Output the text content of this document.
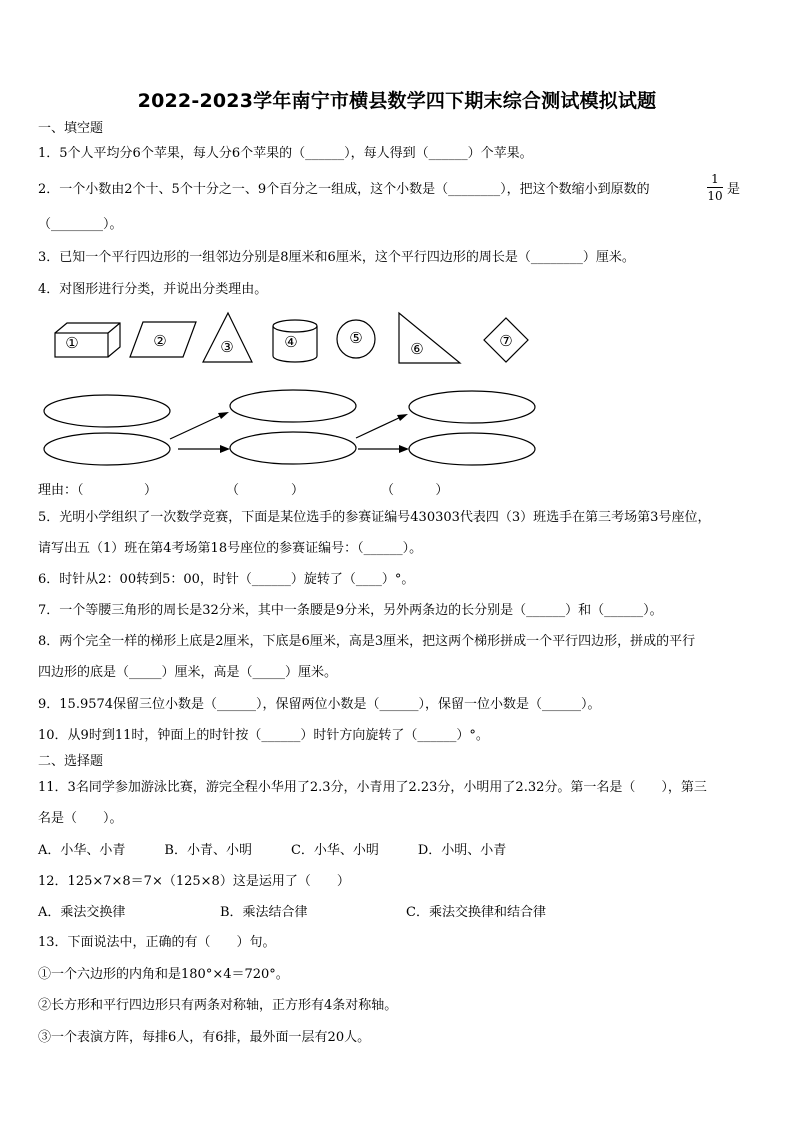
2022-2023学年南宁市横县数学四下期末综合测试模拟试题
一、填空题
1．5个人平均分6个苹果，每人分6个苹果的（______），每人得到（______）个苹果。
2．一个小数由2个十、5个十分之一、9个百分之一组成，这个小数是（________），把这个数缩小到原数的
1
10 是
（________）。
3．已知一个平行四边形的一组邻边分别是8厘米和6厘米，这个平行四边形的周长是（________）厘米。
4．对图形进行分类，并说出分类理由。
①	②	③	④	⑤
⑥	⑦
理由：（	）	（	）	（          ）
5．光明小学组织了一次数学竞赛，下面是某位选手的参赛证编号430303代表四（3）班选手在第三考场第3号座位，
请写出五（1）班在第4考场第18号座位的参赛证编号：（______）。
6．时针从2：00转到5：00，时针（______）旋转了（____）°。
7．一个等腰三角形的周长是32分米，其中一条腰是9分米，另外两条边的长分别是（______）和（______）。
8．两个完全一样的梯形上底是2厘米，下底是6厘米，高是3厘米，把这两个梯形拼成一个平行四边形，拼成的平行
四边形的底是（_____）厘米，高是（_____）厘米。
9．15.9574保留三位小数是（______），保留两位小数是（______），保留一位小数是（______）。
10．从9时到11时，钟面上的时针按（______）时针方向旋转了（______）°。
二、选择题
11．3名同学参加游泳比赛，游完全程小华用了2.3分，小青用了2.23分，小明用了2.32分。第一名是（　　），第三
名是（　　）。
A．小华、小青　　　B．小青、小明　　　C．小华、小明　　　D．小明、小青
12．125×7×8＝7×（125×8）这是运用了（　　）
A．乘法交换律	B．乘法结合律	C．乘法交换律和结合律
13．下面说法中，正确的有（　　）句。
①一个六边形的内角和是180°×4＝720°。
②长方形和平行四边形只有两条对称轴，正方形有4条对称轴。
③一个表演方阵，每排6人，有6排，最外面一层有20人。
